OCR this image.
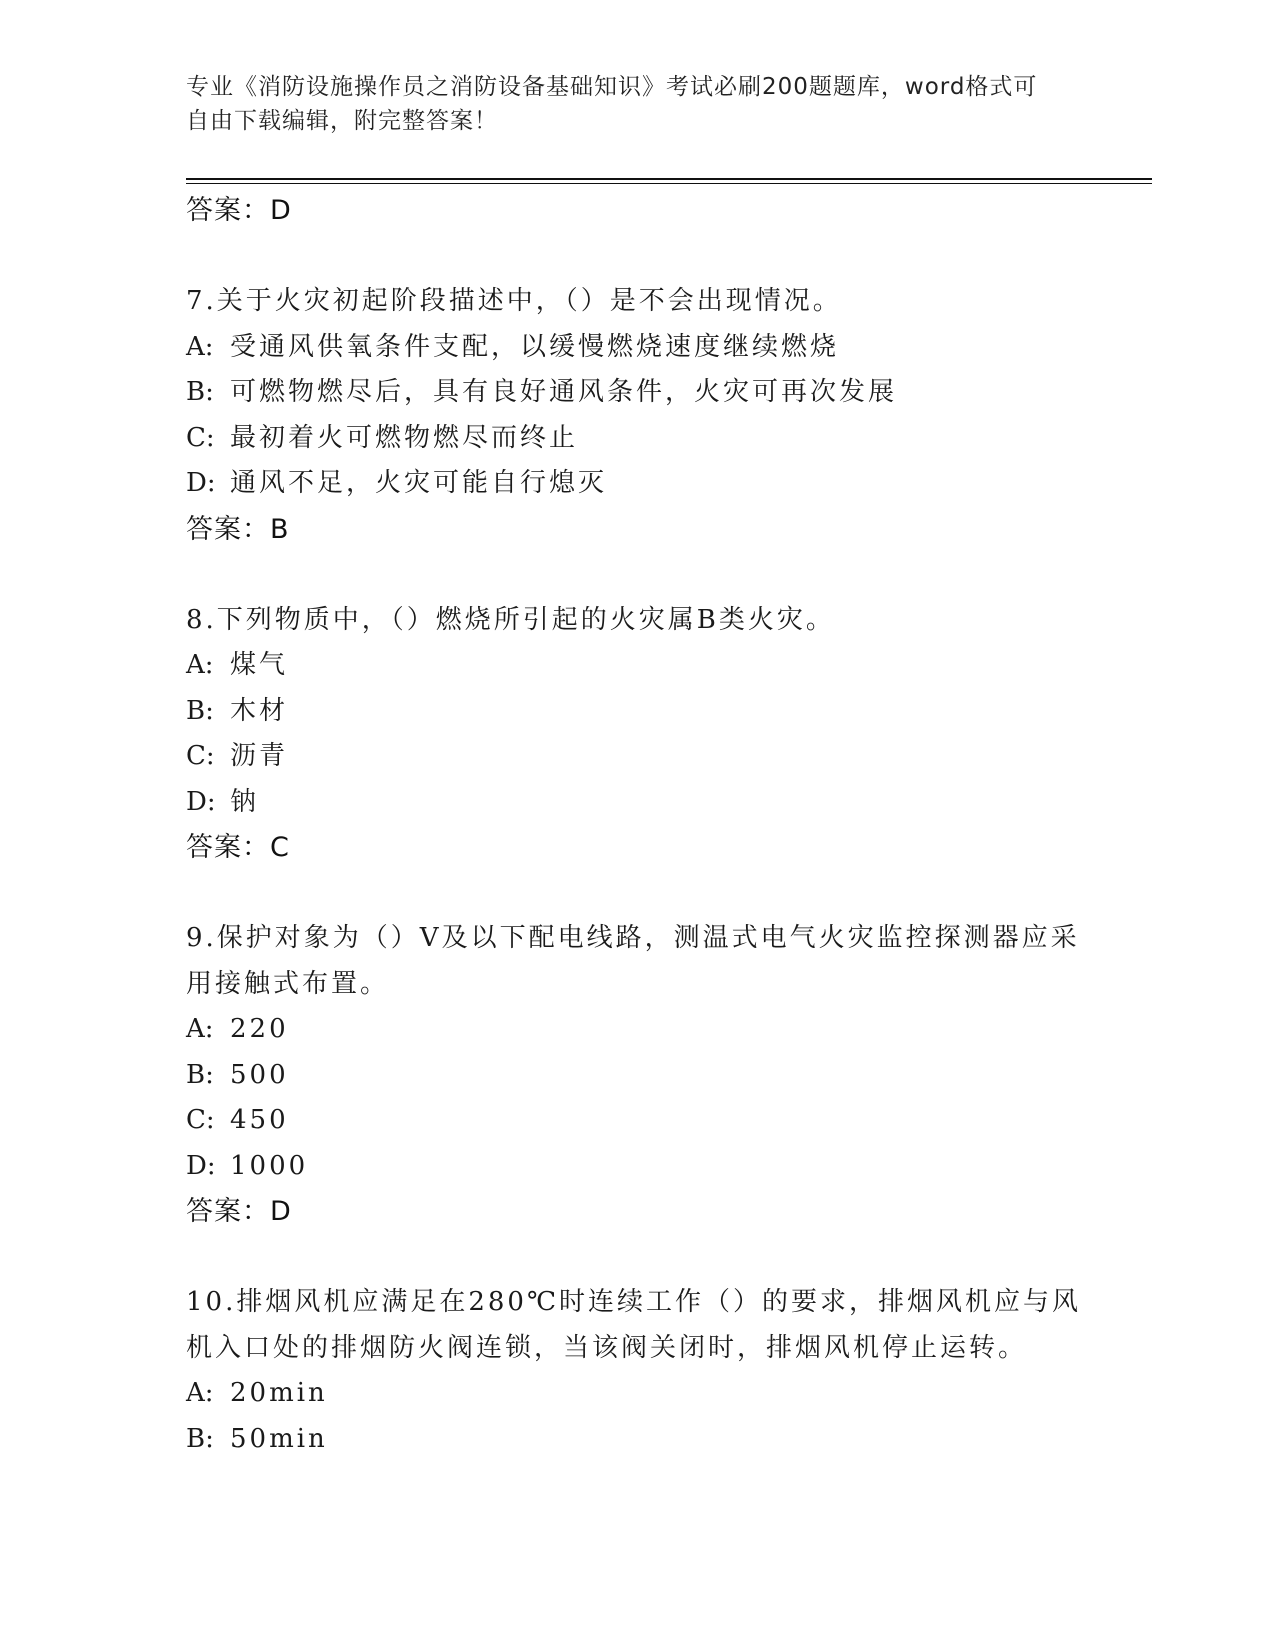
专业《消防设施操作员之消防设备基础知识》考试必刷200题题库，word格式可
自由下载编辑，附完整答案！
答案：D
7.关于火灾初起阶段描述中，（）是不会出现情况。
A: 受通风供氧条件支配，以缓慢燃烧速度继续燃烧
B: 可燃物燃尽后，具有良好通风条件，火灾可再次发展
C: 最初着火可燃物燃尽而终止
D: 通风不足，火灾可能自行熄灭
答案：B
8.下列物质中，（）燃烧所引起的火灾属B类火灾。
A: 煤气
B: 木材
C: 沥青
D: 钠
答案：C
9.保护对象为（）V及以下配电线路，测温式电气火灾监控探测器应采
用接触式布置。
A: 220
B: 500
C: 450
D: 1000
答案：D
10.排烟风机应满足在280℃时连续工作（）的要求，排烟风机应与风
机入口处的排烟防火阀连锁，当该阀关闭时，排烟风机停止运转。
A: 20min
B: 50min
